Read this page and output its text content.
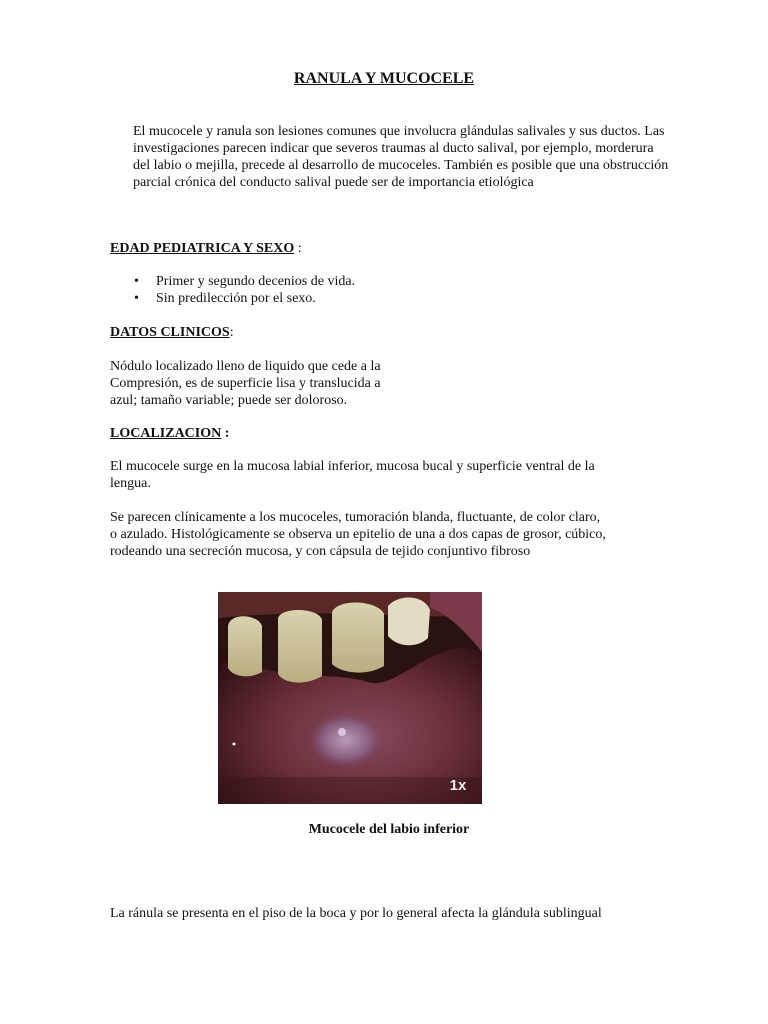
RANULA Y MUCOCELE
El mucocele y ranula son lesiones comunes que involucra glándulas salivales y sus ductos. Las investigaciones parecen indicar que severos traumas al ducto salival, por ejemplo, morderura del labio o mejilla, precede al desarrollo de mucoceles. También es posible que una obstrucción parcial crónica del conducto salival puede ser de importancia etiológica
EDAD PEDIATRICA Y SEXO :
• Primer y segundo decenios de vida.
• Sin predilección por el sexo.
DATOS CLINICOS:
Nódulo localizado lleno de liquido que cede a la
Compresión, es de superficie lisa y translucida a
azul; tamaño variable; puede ser doloroso.
LOCALIZACION :
El mucocele surge en la mucosa labial inferior, mucosa bucal y superficie ventral de la
lengua.
Se parecen clínicamente a los mucoceles, tumoración blanda, fluctuante, de color claro,
o azulado. Histológicamente se observa un epitelio de una a dos capas de grosor, cúbico,
rodeando una secreción mucosa, y con cápsula de tejido conjuntivo fibroso
1x
Mucocele del labio inferior
La ránula se presenta en el piso de la boca y por lo general afecta la glándula sublingual
